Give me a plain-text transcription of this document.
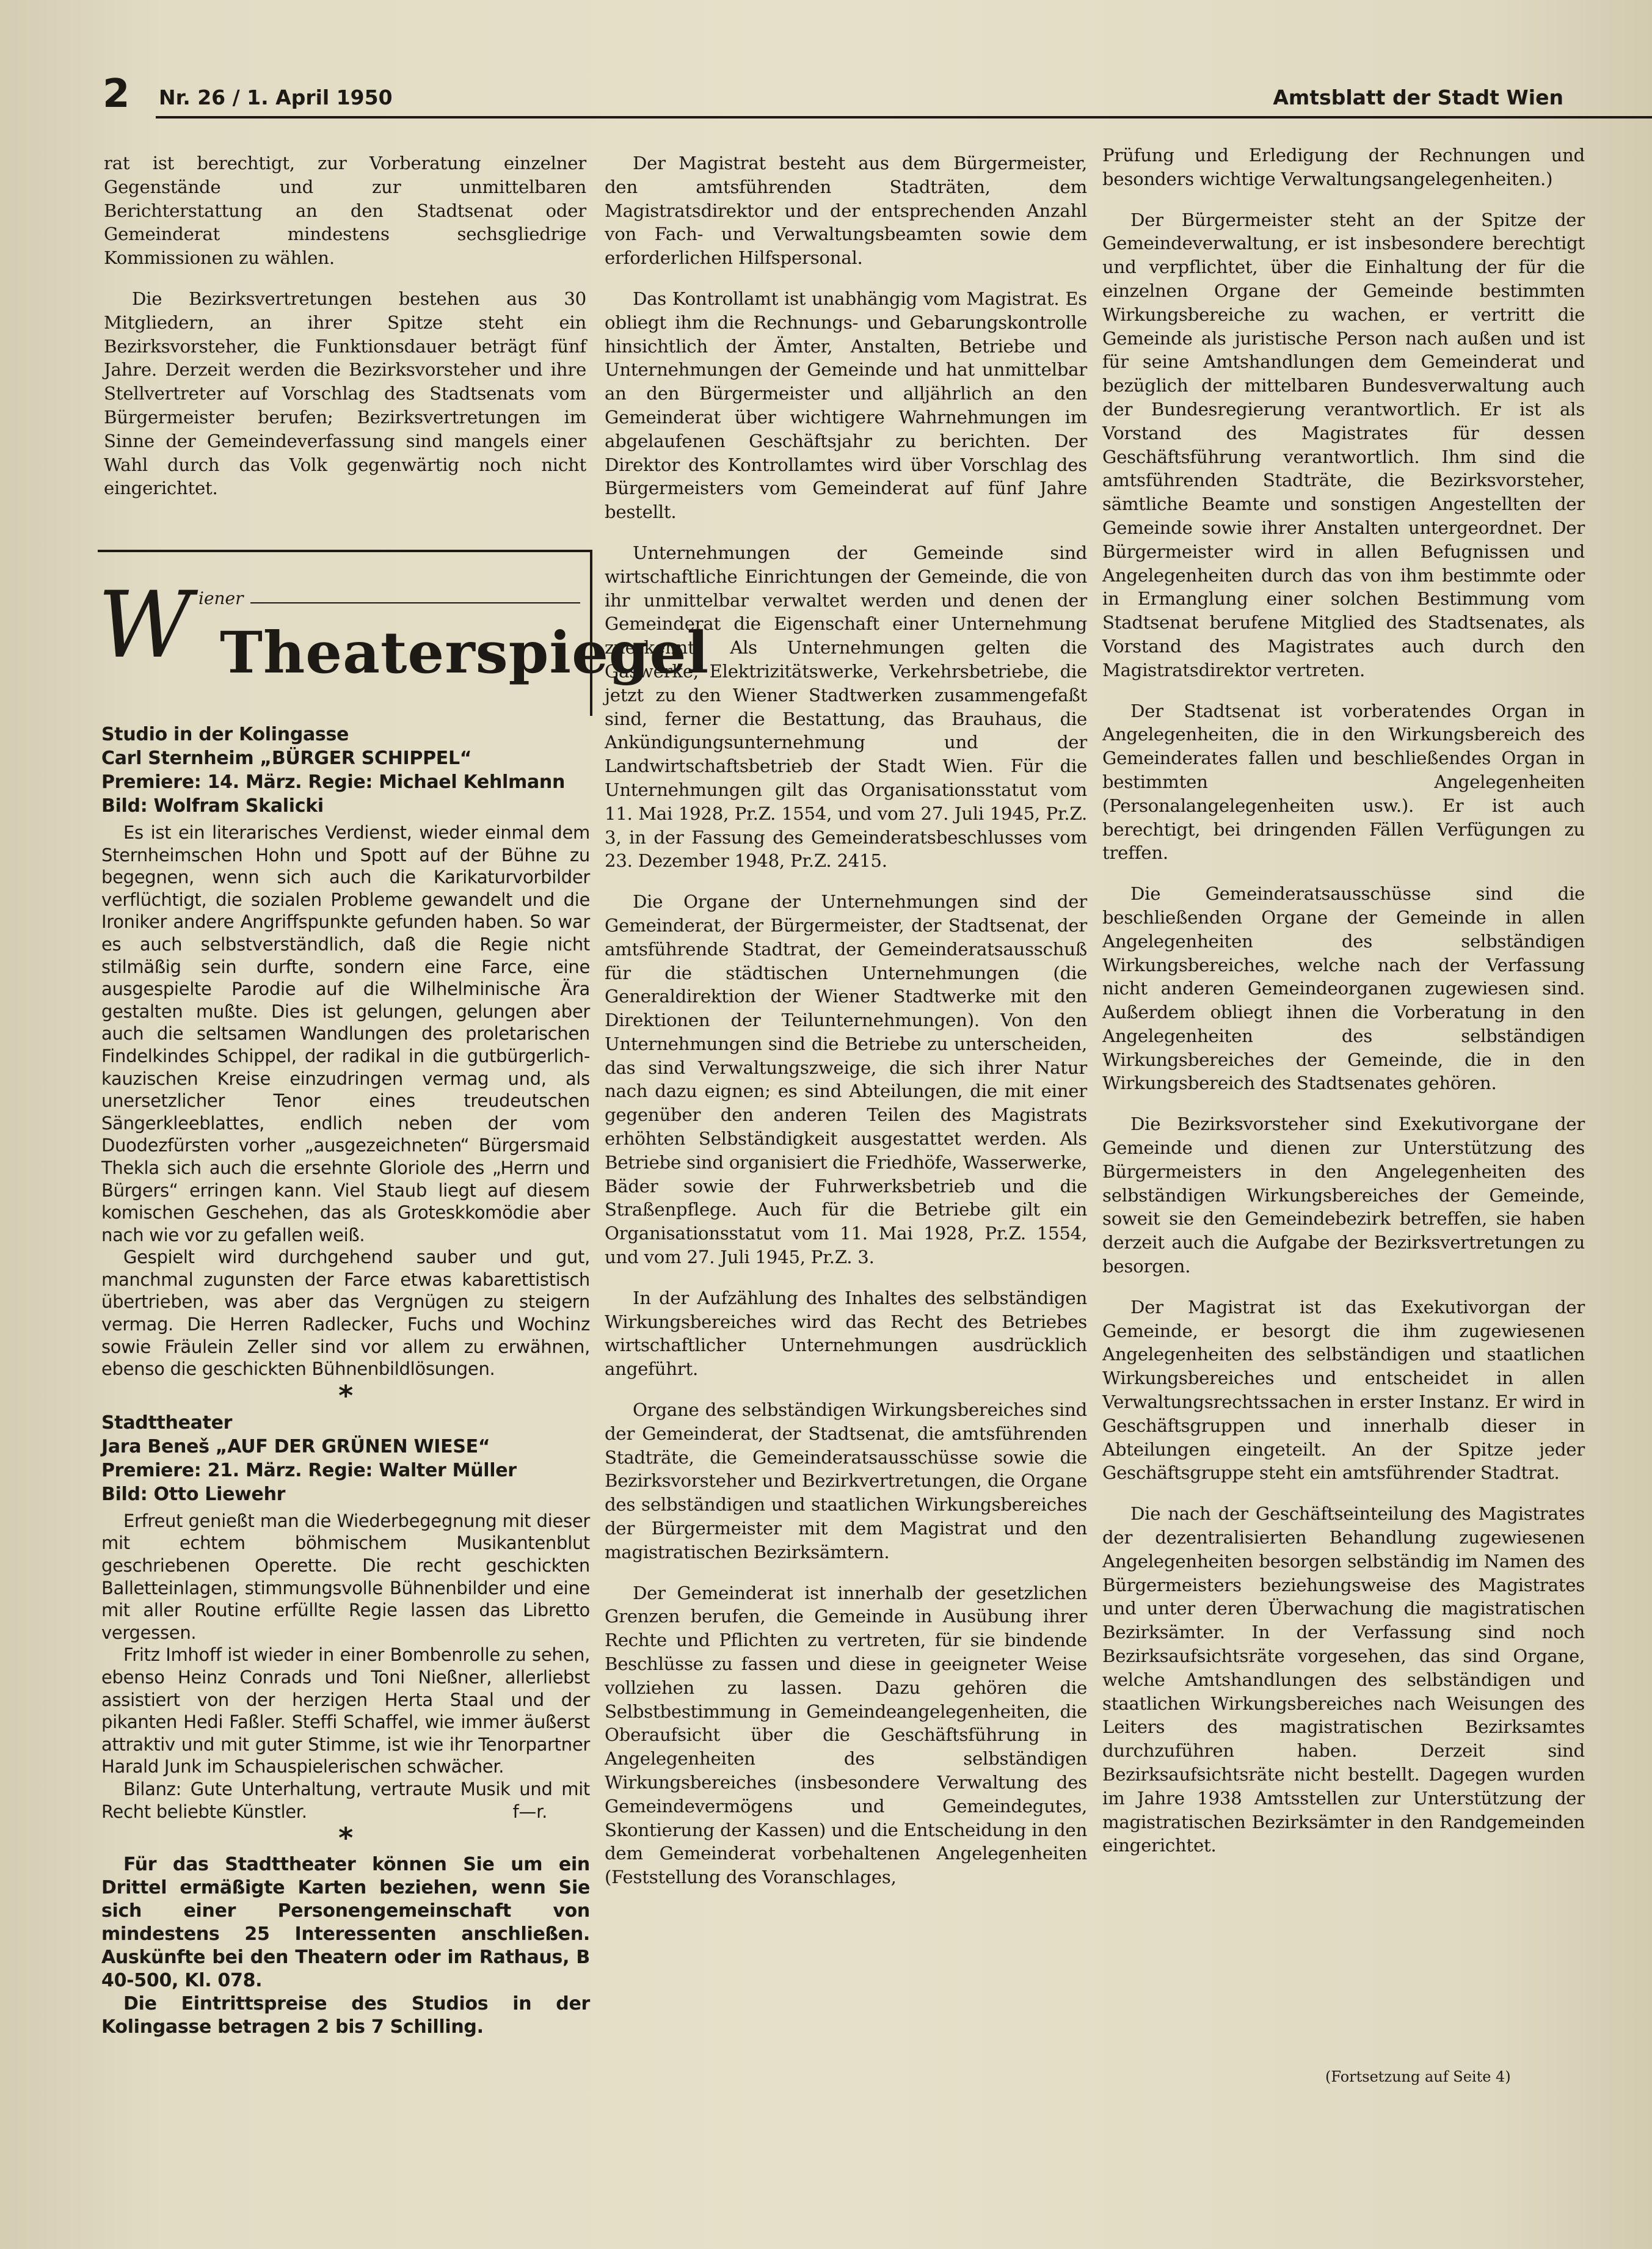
2 Nr. 26 / 1. April 1950	Amtsblatt der Stadt Wien

rat ist berechtigt, zur Vorberatung einzelner Gegenstände und zur unmittelbaren Berichterstattung an den Stadtsenat oder Gemeinderat mindestens sechsgliedrige Kommissionen zu wählen.

Die Bezirksvertretungen bestehen aus 30 Mitgliedern, an ihrer Spitze steht ein Bezirksvorsteher, die Funktionsdauer beträgt fünf Jahre. Derzeit werden die Bezirksvorsteher und ihre Stellvertreter auf Vorschlag des Stadtsenats vom Bürgermeister berufen; Bezirksvertretungen im Sinne der Gemeindeverfassung sind mangels einer Wahl durch das Volk gegenwärtig noch nicht eingerichtet.

W iener
Theaterspiegel
Studio in der Kolingasse
Carl Sternheim „BÜRGER SCHIPPEL“
Premiere: 14. März. Regie: Michael Kehlmann
Bild: Wolfram Skalicki

Es ist ein literarisches Verdienst, wieder einmal dem Sternheimschen Hohn und Spott auf der Bühne zu begegnen, wenn sich auch die Karikaturvorbilder verflüchtigt, die sozialen Probleme gewandelt und die Ironiker andere Angriffspunkte gefunden haben. So war es auch selbstverständlich, daß die Regie nicht stilmäßig sein durfte, sondern eine Farce, eine ausgespielte Parodie auf die Wilhelminische Ära gestalten mußte. Dies ist gelungen, gelungen aber auch die seltsamen Wandlungen des proletarischen Findelkindes Schippel, der radikal in die gutbürgerlich-kauzischen Kreise einzudringen vermag und, als unersetzlicher Tenor eines treudeutschen Sängerkleeblattes, endlich neben der vom Duodezfürsten vorher „ausgezeichneten“ Bürgersmaid Thekla sich auch die ersehnte Gloriole des „Herrn und Bürgers“ erringen kann. Viel Staub liegt auf diesem komischen Geschehen, das als Groteskkomödie aber nach wie vor zu gefallen weiß.

Gespielt wird durchgehend sauber und gut, manchmal zugunsten der Farce etwas kabarettistisch übertrieben, was aber das Vergnügen zu steigern vermag. Die Herren Radlecker, Fuchs und Wochinz sowie Fräulein Zeller sind vor allem zu erwähnen, ebenso die geschickten Bühnenbildlösungen.

*
Stadttheater
Jara Beneš „AUF DER GRÜNEN WIESE“
Premiere: 21. März. Regie: Walter Müller
Bild: Otto Liewehr

Erfreut genießt man die Wiederbegegnung mit dieser mit echtem böhmischem Musikantenblut geschriebenen Operette. Die recht geschickten Balletteinlagen, stimmungsvolle Bühnenbilder und eine mit aller Routine erfüllte Regie lassen das Libretto vergessen.

Fritz Imhoff ist wieder in einer Bombenrolle zu sehen, ebenso Heinz Conrads und Toni Nießner, allerliebst assistiert von der herzigen Herta Staal und der pikanten Hedi Faßler. Steffi Schaffel, wie immer äußerst attraktiv und mit guter Stimme, ist wie ihr Tenorpartner Harald Junk im Schauspielerischen schwächer.

Bilanz: Gute Unterhaltung, vertraute Musik und mit Recht beliebte Künstler.	f—r.

*

Für das Stadttheater können Sie um ein Drittel ermäßigte Karten beziehen, wenn Sie sich einer Personengemeinschaft von mindestens 25 Interessenten anschließen. Auskünfte bei den Theatern oder im Rathaus, B 40-500, Kl. 078.

Die Eintrittspreise des Studios in der Kolingasse betragen 2 bis 7 Schilling.

Der Magistrat besteht aus dem Bürgermeister, den amtsführenden Stadträten, dem Magistratsdirektor und der entsprechenden Anzahl von Fach- und Verwaltungsbeamten sowie dem erforderlichen Hilfspersonal.

Das Kontrollamt ist unabhängig vom Magistrat. Es obliegt ihm die Rechnungs- und Gebarungskontrolle hinsichtlich der Ämter, Anstalten, Betriebe und Unternehmungen der Gemeinde und hat unmittelbar an den Bürgermeister und alljährlich an den Gemeinderat über wichtigere Wahrnehmungen im abgelaufenen Geschäftsjahr zu berichten. Der Direktor des Kontrollamtes wird über Vorschlag des Bürgermeisters vom Gemeinderat auf fünf Jahre bestellt.

Unternehmungen der Gemeinde sind wirtschaftliche Einrichtungen der Gemeinde, die von ihr unmittelbar verwaltet werden und denen der Gemeinderat die Eigenschaft einer Unternehmung zuerkennt. Als Unternehmungen gelten die Gaswerke, Elektrizitätswerke, Verkehrsbetriebe, die jetzt zu den Wiener Stadtwerken zusammengefaßt sind, ferner die Bestattung, das Brauhaus, die Ankündigungsunternehmung und der Landwirtschaftsbetrieb der Stadt Wien. Für die Unternehmungen gilt das Organisationsstatut vom 11. Mai 1928, Pr.Z. 1554, und vom 27. Juli 1945, Pr.Z. 3, in der Fassung des Gemeinderatsbeschlusses vom 23. Dezember 1948, Pr.Z. 2415.

Die Organe der Unternehmungen sind der Gemeinderat, der Bürgermeister, der Stadtsenat, der amtsführende Stadtrat, der Gemeinderatsausschuß für die städtischen Unternehmungen (die Generaldirektion der Wiener Stadtwerke mit den Direktionen der Teilunternehmungen). Von den Unternehmungen sind die Betriebe zu unterscheiden, das sind Verwaltungszweige, die sich ihrer Natur nach dazu eignen; es sind Abteilungen, die mit einer gegenüber den anderen Teilen des Magistrats erhöhten Selbständigkeit ausgestattet werden. Als Betriebe sind organisiert die Friedhöfe, Wasserwerke, Bäder sowie der Fuhrwerksbetrieb und die Straßenpflege. Auch für die Betriebe gilt ein Organisationsstatut vom 11. Mai 1928, Pr.Z. 1554, und vom 27. Juli 1945, Pr.Z. 3.

In der Aufzählung des Inhaltes des selbständigen Wirkungsbereiches wird das Recht des Betriebes wirtschaftlicher Unternehmungen ausdrücklich angeführt.

Organe des selbständigen Wirkungsbereiches sind der Gemeinderat, der Stadtsenat, die amtsführenden Stadträte, die Gemeinderatsausschüsse sowie die Bezirksvorsteher und Bezirkvertretungen, die Organe des selbständigen und staatlichen Wirkungsbereiches der Bürgermeister mit dem Magistrat und den magistratischen Bezirksämtern.

Der Gemeinderat ist innerhalb der gesetzlichen Grenzen berufen, die Gemeinde in Ausübung ihrer Rechte und Pflichten zu vertreten, für sie bindende Beschlüsse zu fassen und diese in geeigneter Weise vollziehen zu lassen. Dazu gehören die Selbstbestimmung in Gemeindeangelegenheiten, die Oberaufsicht über die Geschäftsführung in Angelegenheiten des selbständigen Wirkungsbereiches (insbesondere Verwaltung des Gemeindevermögens und Gemeindegutes, Skontierung der Kassen) und die Entscheidung in den dem Gemeinderat vorbehaltenen Angelegenheiten (Feststellung des Voranschlages,

Prüfung und Erledigung der Rechnungen und besonders wichtige Verwaltungsangelegenheiten.)

Der Bürgermeister steht an der Spitze der Gemeindeverwaltung, er ist insbesondere berechtigt und verpflichtet, über die Einhaltung der für die einzelnen Organe der Gemeinde bestimmten Wirkungsbereiche zu wachen, er vertritt die Gemeinde als juristische Person nach außen und ist für seine Amtshandlungen dem Gemeinderat und bezüglich der mittelbaren Bundesverwaltung auch der Bundesregierung verantwortlich. Er ist als Vorstand des Magistrates für dessen Geschäftsführung verantwortlich. Ihm sind die amtsführenden Stadträte, die Bezirksvorsteher, sämtliche Beamte und sonstigen Angestellten der Gemeinde sowie ihrer Anstalten untergeordnet. Der Bürgermeister wird in allen Befugnissen und Angelegenheiten durch das von ihm bestimmte oder in Ermanglung einer solchen Bestimmung vom Stadtsenat berufene Mitglied des Stadtsenates, als Vorstand des Magistrates auch durch den Magistratsdirektor vertreten.

Der Stadtsenat ist vorberatendes Organ in Angelegenheiten, die in den Wirkungsbereich des Gemeinderates fallen und beschließendes Organ in bestimmten Angelegenheiten (Personalangelegenheiten usw.). Er ist auch berechtigt, bei dringenden Fällen Verfügungen zu treffen.

Die Gemeinderatsausschüsse sind die beschließenden Organe der Gemeinde in allen Angelegenheiten des selbständigen Wirkungsbereiches, welche nach der Verfassung nicht anderen Gemeindeorganen zugewiesen sind. Außerdem obliegt ihnen die Vorberatung in den Angelegenheiten des selbständigen Wirkungsbereiches der Gemeinde, die in den Wirkungsbereich des Stadtsenates gehören.

Die Bezirksvorsteher sind Exekutivorgane der Gemeinde und dienen zur Unterstützung des Bürgermeisters in den Angelegenheiten des selbständigen Wirkungsbereiches der Gemeinde, soweit sie den Gemeindebezirk betreffen, sie haben derzeit auch die Aufgabe der Bezirksvertretungen zu besorgen.

Der Magistrat ist das Exekutivorgan der Gemeinde, er besorgt die ihm zugewiesenen Angelegenheiten des selbständigen und staatlichen Wirkungsbereiches und entscheidet in allen Verwaltungsrechtssachen in erster Instanz. Er wird in Geschäftsgruppen und innerhalb dieser in Abteilungen eingeteilt. An der Spitze jeder Geschäftsgruppe steht ein amtsführender Stadtrat.

Die nach der Geschäftseinteilung des Magistrates der dezentralisierten Behandlung zugewiesenen Angelegenheiten besorgen selbständig im Namen des Bürgermeisters beziehungsweise des Magistrates und unter deren Überwachung die magistratischen Bezirksämter. In der Verfassung sind noch Bezirksaufsichtsräte vorgesehen, das sind Organe, welche Amtshandlungen des selbständigen und staatlichen Wirkungsbereiches nach Weisungen des Leiters des magistratischen Bezirksamtes durchzuführen haben. Derzeit sind Bezirksaufsichtsräte nicht bestellt. Dagegen wurden im Jahre 1938 Amtsstellen zur Unterstützung der magistratischen Bezirksämter in den Randgemeinden eingerichtet.

(Fortsetzung auf Seite 4)
